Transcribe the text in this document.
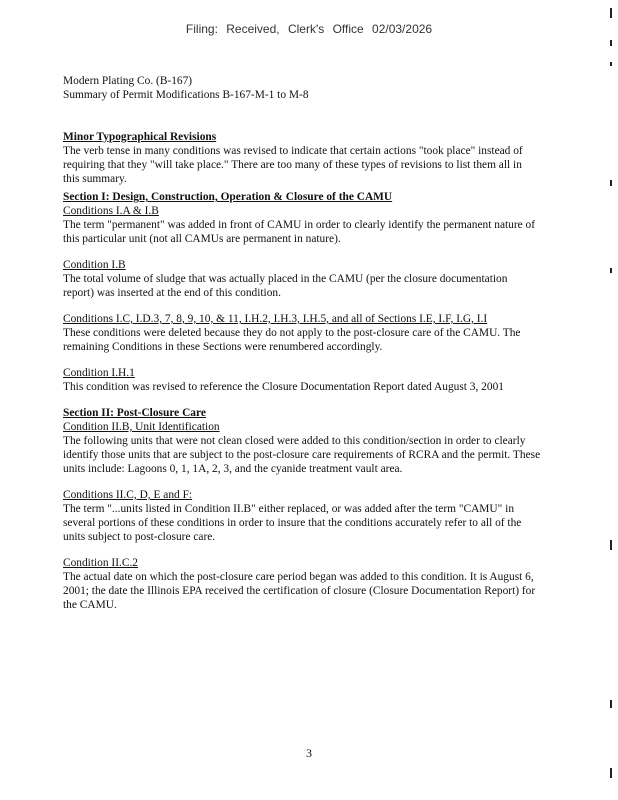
Filing: Received, Clerk's Office 02/03/2026

Modern Plating Co. (B-167)

Summary of Permit Modifications B-167-M-1 to M-8

Minor Typographical Revisions

The verb tense in many conditions was revised to indicate that certain actions "took place" instead of requiring that they "will take place." There are too many of these types of revisions to list them all in this summary.

Section I: Design, Construction, Operation & Closure of the CAMU

Conditions I.A & I.B

The term "permanent" was added in front of CAMU in order to clearly identify the permanent nature of this particular unit (not all CAMUs are permanent in nature).

Condition I.B

The total volume of sludge that was actually placed in the CAMU (per the closure documentation report) was inserted at the end of this condition.

Conditions I.C, I.D.3, 7, 8, 9, 10, & 11, I.H.2, I.H.3, I.H.5, and all of Sections I.E, I.F, I.G, I.I

These conditions were deleted because they do not apply to the post-closure care of the CAMU. The remaining Conditions in these Sections were renumbered accordingly.

Condition I.H.1

This condition was revised to reference the Closure Documentation Report dated August 3, 2001

Section II: Post-Closure Care

Condition II.B, Unit Identification

The following units that were not clean closed were added to this condition/section in order to clearly identify those units that are subject to the post-closure care requirements of RCRA and the permit. These units include: Lagoons 0, 1, 1A, 2, 3, and the cyanide treatment vault area.

Conditions II.C, D, E and F:

The term "...units listed in Condition II.B" either replaced, or was added after the term "CAMU" in several portions of these conditions in order to insure that the conditions accurately refer to all of the units subject to post-closure care.

Condition II.C.2

The actual date on which the post-closure care period began was added to this condition. It is August 6, 2001; the date the Illinois EPA received the certification of closure (Closure Documentation Report) for the CAMU.

3
